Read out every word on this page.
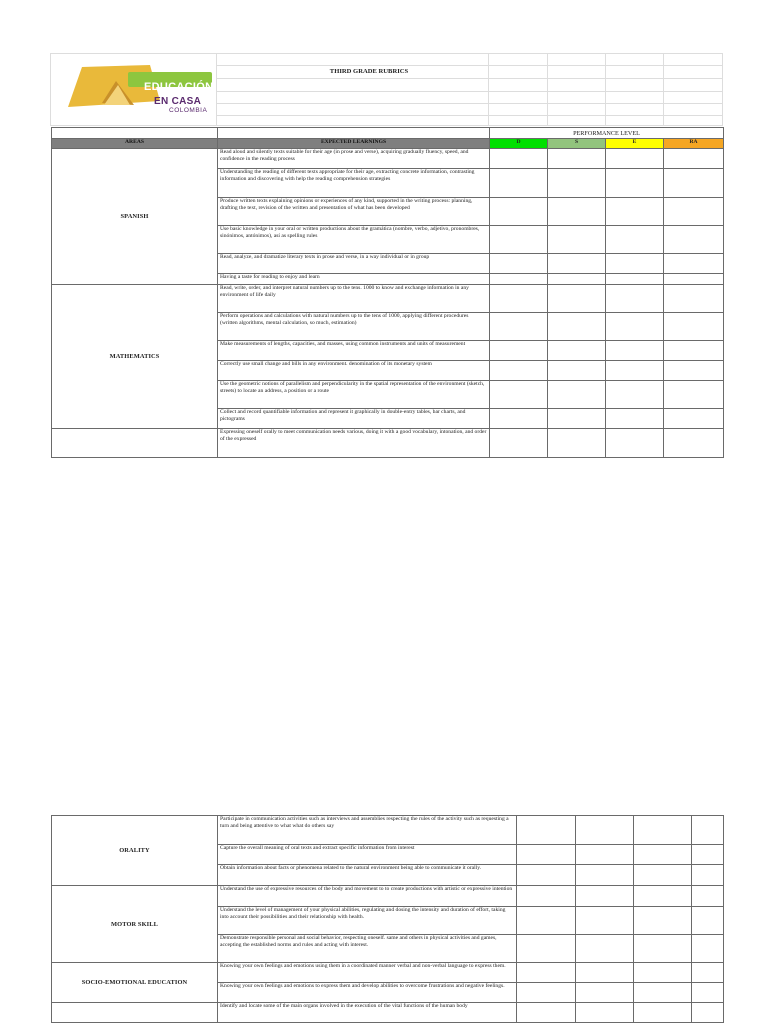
EDUCACIÓN
EN CASA
COLOMBIA
THIRD GRADE RUBRICS
		PERFORMANCE LEVEL			
AREAS	EXPECTED LEARNINGS	D	S	E	RA
SPANISH	Read aloud and silently texts suitable for their age (in prose and verse), acquiring gradually fluency, speed, and confidence in the reading process				
	Understanding the reading of different texts appropriate for their age, extracting concrete information, contrasting information and discovering with help the reading comprehension strategies				
	Produce written texts explaining opinions or experiences of any kind, supported in the writing process: planning, drafting the text, revision of the written and presentation of what has been developed				
	Use basic knowledge in your oral or written productions about the gramática (nombre, verbo, adjetivo, pronombres, sinónimos, antónimos), así as spelling rules				
	Read, analyze, and dramatize literary texts in prose and verse, in a way individual or in group				
	Having a taste for reading to enjoy and learn				
MATHEMATICS	Read, write, order, and interpret natural numbers up to the tens. 1000 to know and exchange information in any environment of life daily				
	Perform operations and calculations with natural numbers up to the tens of 1000, applying different procedures (written algorithms, mental calculation, so much, estimation)				
	Make measurements of lengths, capacities, and masses, using common instruments and units of measurement				
	Correctly use small change and bills in any environment. denomination of its monetary system				
	Use the geometric notions of parallelism and perpendicularity in the spatial representation of the environment (sketch, streets) to locate an address, a position or a route				
	Collect and record quantifiable information and represent it graphically in double-entry tables, bar charts, and pictograms				
	Expressing oneself orally to meet communication needs various, doing it with a good vocabulary, intonation, and order of the expressed				
ORALITY	Participate in communication activities such as interviews and assemblies respecting the rules of the activity such as requesting a turn and being attentive to what what do others say				
	Capture the overall meaning of oral texts and extract specific information from interest				
	Obtain information about facts or phenomena related to the natural environment being able to communicate it orally.				
MOTOR SKILL	Understand the use of expressive resources of the body and movement to to create productions with artistic or expressive intention				
	Understand the level of management of your physical abilities, regulating and dosing the intensity and duration of effort, taking into account their possibilities and their relationship with health.				
	Demonstrate responsible personal and social behavior, respecting oneself. same and others in physical activities and games, accepting the established norms and rules and acting with interest.				
SOCIO-EMOTIONAL EDUCATION	Knowing your own feelings and emotions using them in a coordinated manner verbal and non-verbal language to express them.				
	Knowing your own feelings and emotions to express them and develop abilities to overcome frustrations and negative feelings.				
	Identify and locate some of the main organs involved in the execution of the vital functions of the human body				
